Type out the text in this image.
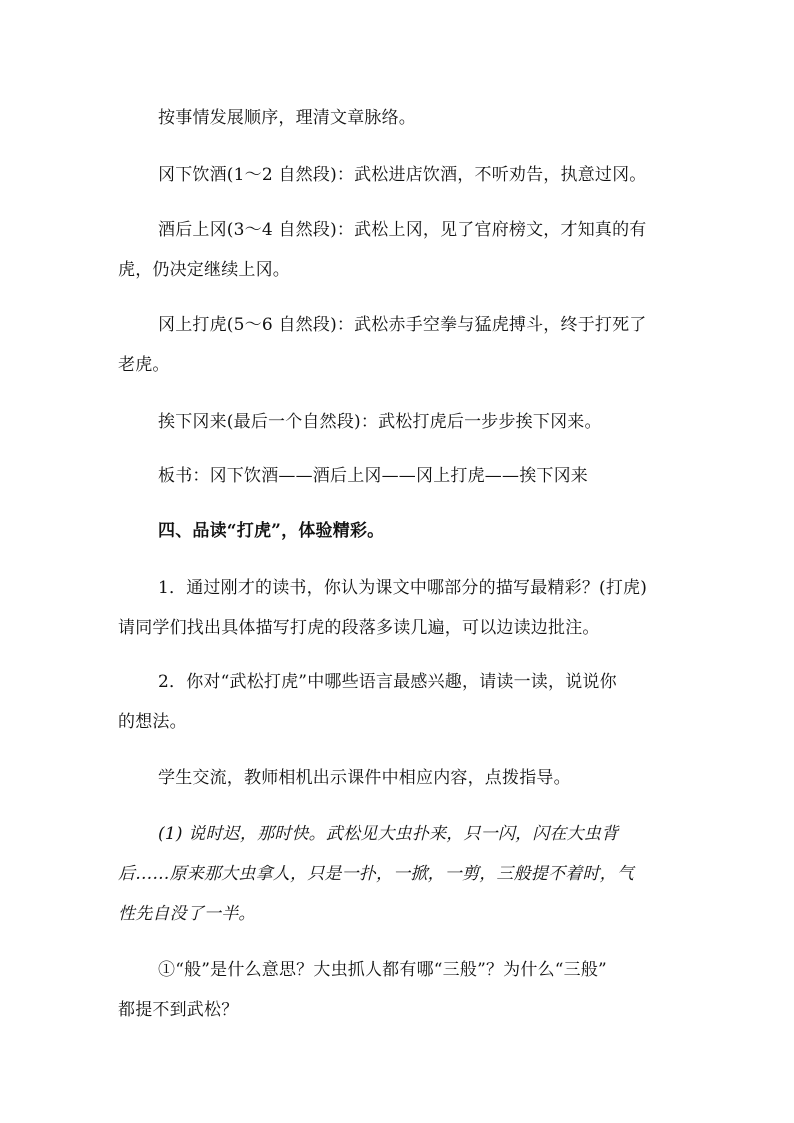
按事情发展顺序，理清文章脉络。
冈下饮酒(1～2 自然段)：武松进店饮酒，不听劝告，执意过冈。
酒后上冈(3～4 自然段)：武松上冈，见了官府榜文，才知真的有
虎，仍决定继续上冈。
冈上打虎(5～6 自然段)：武松赤手空拳与猛虎搏斗，终于打死了
老虎。
挨下冈来(最后一个自然段)：武松打虎后一步步挨下冈来。
板书：冈下饮酒——酒后上冈——冈上打虎——挨下冈来
四、品读“打虎”，体验精彩。
1．通过刚才的读书，你认为课文中哪部分的描写最精彩？(打虎)
请同学们找出具体描写打虎的段落多读几遍，可以边读边批注。
2．你对“武松打虎”中哪些语言最感兴趣，请读一读，说说你
的想法。
学生交流，教师相机出示课件中相应内容，点拨指导。
(1) 说时迟，那时快。武松见大虫扑来，只一闪，闪在大虫背
后……原来那大虫拿人，只是一扑，一掀，一剪，三般提不着时，气
性先自没了一半。
①“般”是什么意思？大虫抓人都有哪“三般”？为什么“三般”
都提不到武松？
